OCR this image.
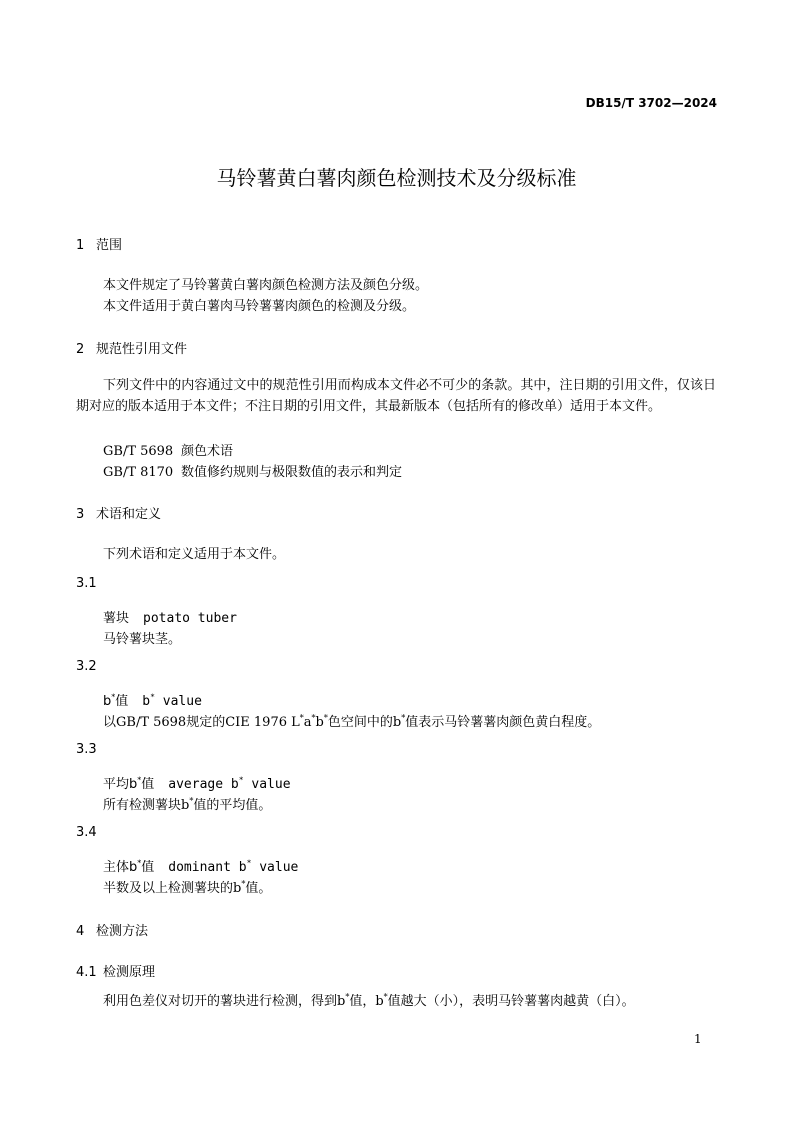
DB15/T 3702—2024
马铃薯黄白薯肉颜色检测技术及分级标准
1 范围
本文件规定了马铃薯黄白薯肉颜色检测方法及颜色分级。
本文件适用于黄白薯肉马铃薯薯肉颜色的检测及分级。
2 规范性引用文件
下列文件中的内容通过文中的规范性引用而构成本文件必不可少的条款。其中，注日期的引用文件，仅该日期对应的版本适用于本文件；不注日期的引用文件，其最新版本（包括所有的修改单）适用于本文件。
GB/T 5698 颜色术语
GB/T 8170 数值修约规则与极限数值的表示和判定
3 术语和定义
下列术语和定义适用于本文件。
3.1
薯块 potato tuber
马铃薯块茎。
3.2
b*值 b* value
以GB/T 5698规定的CIE 1976 L*a*b*色空间中的b*值表示马铃薯薯肉颜色黄白程度。
3.3
平均b*值 average b* value
所有检测薯块b*值的平均值。
3.4
主体b*值 dominant b* value
半数及以上检测薯块的b*值。
4 检测方法
4.1 检测原理
利用色差仪对切开的薯块进行检测，得到b*值，b*值越大（小），表明马铃薯薯肉越黄（白）。
1
